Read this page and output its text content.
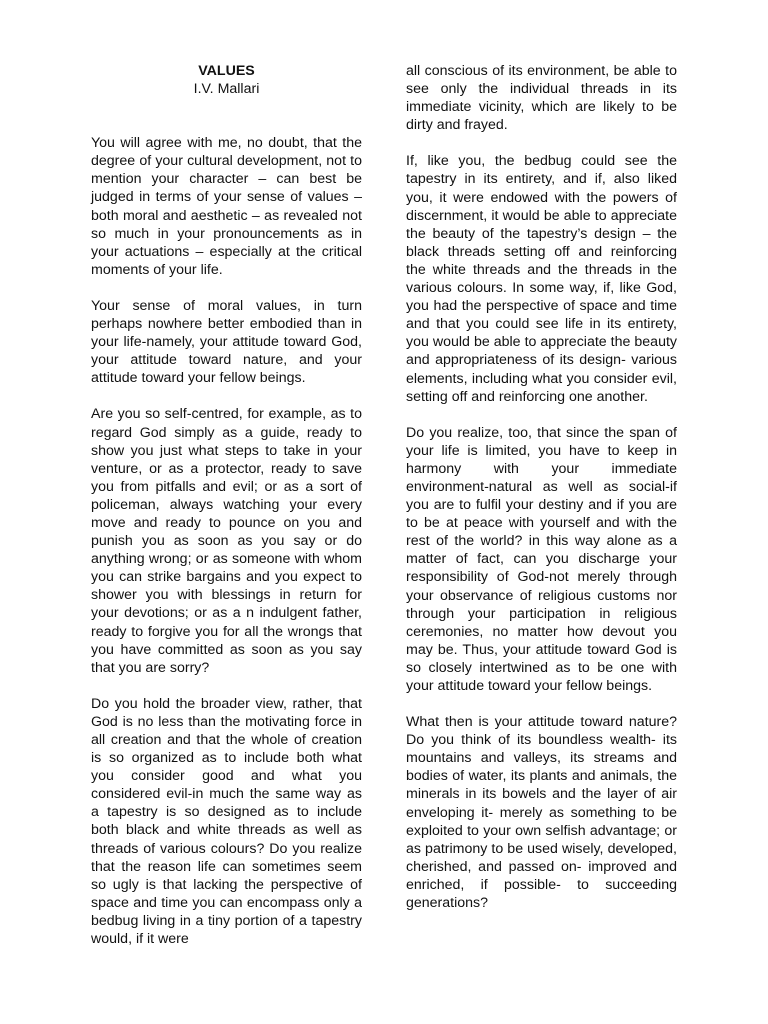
VALUES
I.V. Mallari

You will agree with me, no doubt, that the degree of your cultural development, not to mention your character – can best be judged in terms of your sense of values – both moral and aesthetic – as revealed not so much in your pronouncements as in your actuations – especially at the critical moments of your life.

Your sense of moral values, in turn perhaps nowhere better embodied than in your life-namely, your attitude toward God, your attitude toward nature, and your attitude toward your fellow beings.

Are you so self-centred, for example, as to regard God simply as a guide, ready to show you just what steps to take in your venture, or as a protector, ready to save you from pitfalls and evil; or as a sort of policeman, always watching your every move and ready to pounce on you and punish you as soon as you say or do anything wrong; or as someone with whom you can strike bargains and you expect to shower you with blessings in return for your devotions; or as a n indulgent father, ready to forgive you for all the wrongs that you have committed as soon as you say that you are sorry?

Do you hold the broader view, rather, that God is no less than the motivating force in all creation and that the whole of creation is so organized as to include both what you consider good and what you considered evil-in much the same way as a tapestry is so designed as to include both black and white threads as well as threads of various colours? Do you realize that the reason life can sometimes seem so ugly is that lacking the perspective of space and time you can encompass only a bedbug living in a tiny portion of a tapestry would, if it were

all conscious of its environment, be able to see only the individual threads in its immediate vicinity, which are likely to be dirty and frayed.

If, like you, the bedbug could see the tapestry in its entirety, and if, also liked you, it were endowed with the powers of discernment, it would be able to appreciate the beauty of the tapestry’s design – the black threads setting off and reinforcing the white threads and the threads in the various colours. In some way, if, like God, you had the perspective of space and time and that you could see life in its entirety, you would be able to appreciate the beauty and appropriateness of its design- various elements, including what you consider evil, setting off and reinforcing one another.

Do you realize, too, that since the span of your life is limited, you have to keep in harmony with your immediate environment-natural as well as social-if you are to fulfil your destiny and if you are to be at peace with yourself and with the rest of the world? in this way alone as a matter of fact, can you discharge your responsibility of God-not merely through your observance of religious customs nor through your participation in religious ceremonies, no matter how devout you may be. Thus, your attitude toward God is so closely intertwined as to be one with your attitude toward your fellow beings.

What then is your attitude toward nature? Do you think of its boundless wealth- its mountains and valleys, its streams and bodies of water, its plants and animals, the minerals in its bowels and the layer of air enveloping it- merely as something to be exploited to your own selfish advantage; or as patrimony to be used wisely, developed, cherished, and passed on- improved and enriched, if possible- to succeeding generations?
